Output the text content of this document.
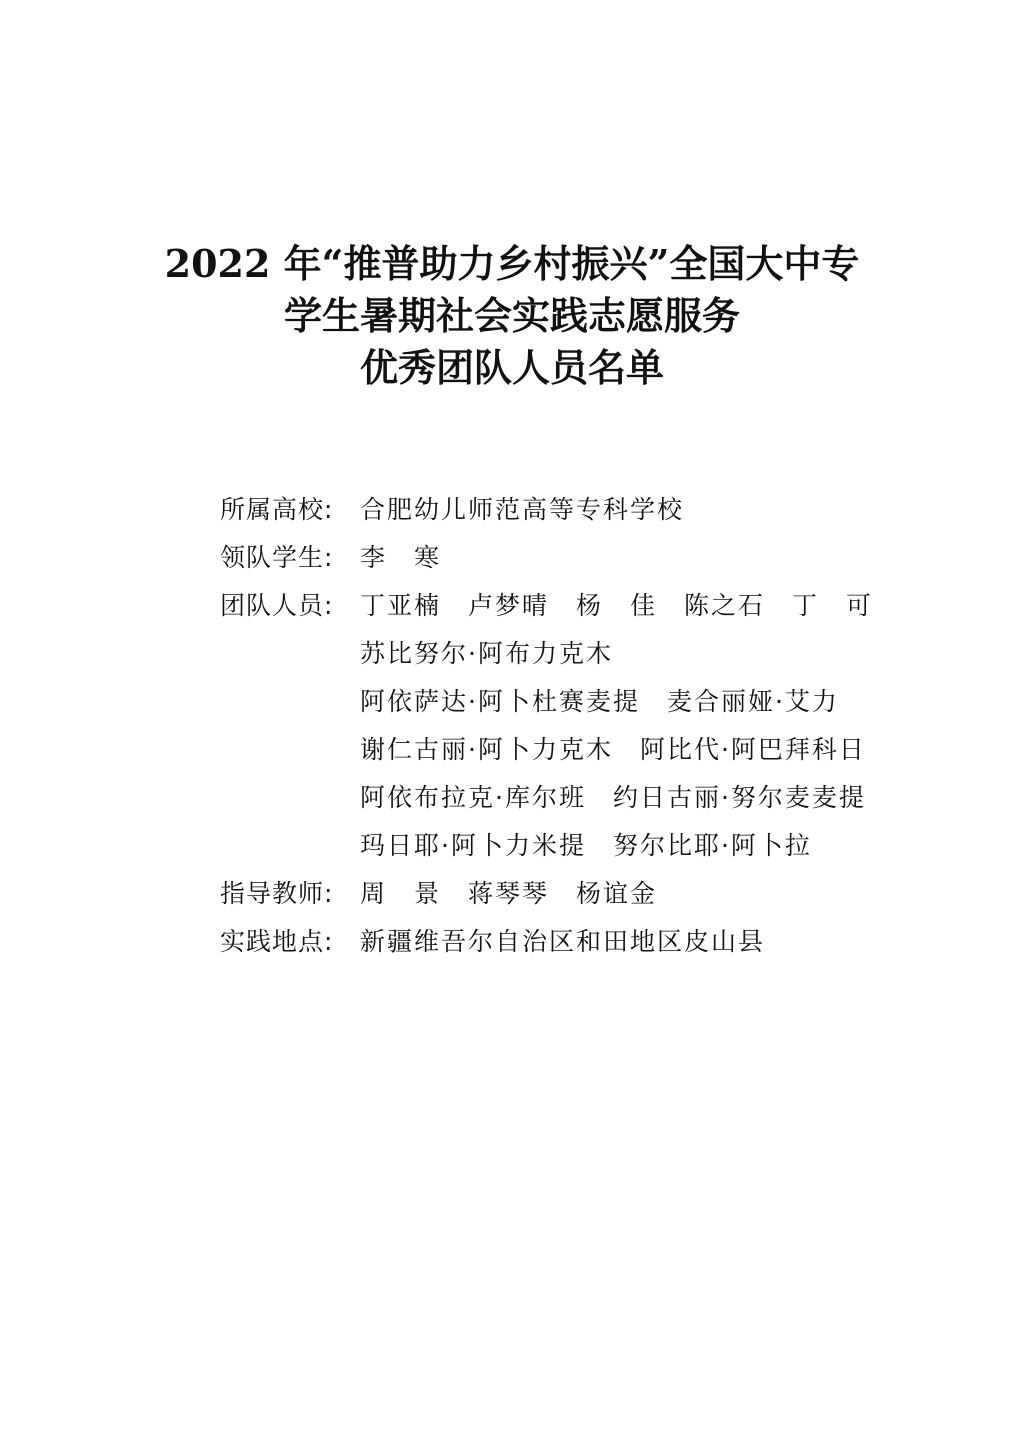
2022 年“推普助力乡村振兴”全国大中专
学生暑期社会实践志愿服务
优秀团队人员名单
所属高校:	合肥幼儿师范高等专科学校
领队学生:	李　寒
团队人员:	丁亚楠　卢梦晴　杨　佳　陈之石　丁　可
苏比努尔·阿布力克木
阿依萨达·阿卜杜赛麦提　麦合丽娅·艾力
谢仁古丽·阿卜力克木　阿比代·阿巴拜科日
阿依布拉克·库尔班　约日古丽·努尔麦麦提
玛日耶·阿卜力米提　努尔比耶·阿卜拉
指导教师:	周　景　蒋琴琴　杨谊金
实践地点:	新疆维吾尔自治区和田地区皮山县
